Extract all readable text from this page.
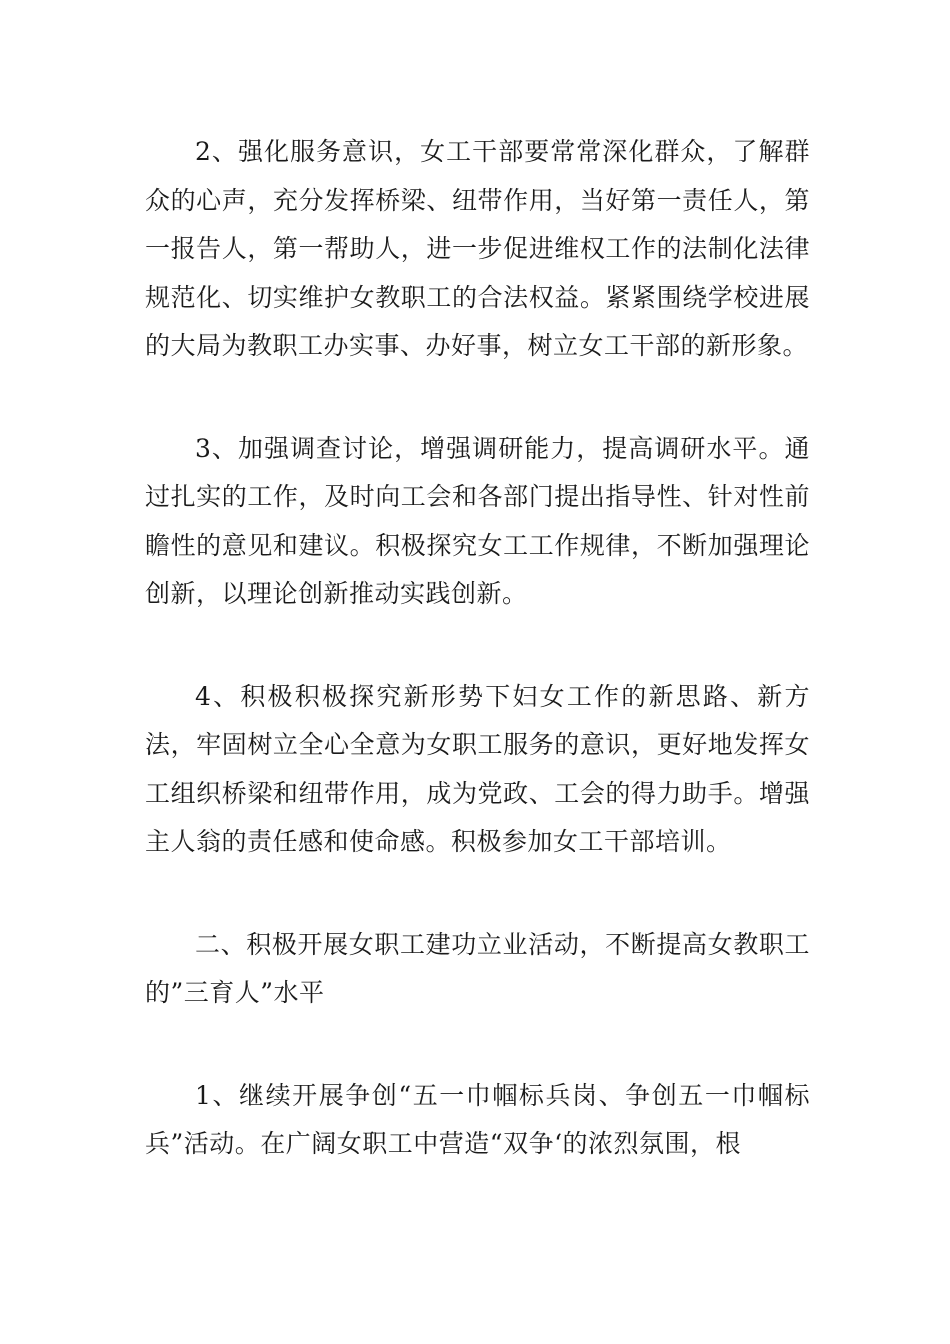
2、强化服务意识，女工干部要常常深化群众，了解群众的心声，充分发挥桥梁、纽带作用，当好第一责任人，第一报告人，第一帮助人，进一步促进维权工作的法制化法律规范化、切实维护女教职工的合法权益。紧紧围绕学校进展的大局为教职工办实事、办好事，树立女工干部的新形象。

3、加强调查讨论，增强调研能力，提高调研水平。通过扎实的工作，及时向工会和各部门提出指导性、针对性前瞻性的意见和建议。积极探究女工工作规律，不断加强理论创新，以理论创新推动实践创新。

4、积极积极探究新形势下妇女工作的新思路、新方法，牢固树立全心全意为女职工服务的意识，更好地发挥女工组织桥梁和纽带作用，成为党政、工会的得力助手。增强主人翁的责任感和使命感。积极参加女工干部培训。

二、积极开展女职工建功立业活动，不断提高女教职工的”三育人”水平

1、继续开展争创“五一巾帼标兵岗、争创五一巾帼标兵”活动。在广阔女职工中营造“双争‘的浓烈氛围，根
